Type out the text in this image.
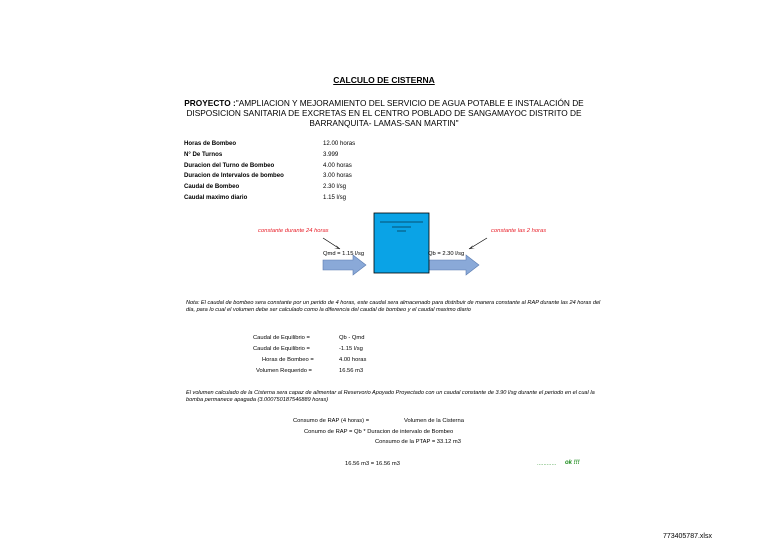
CALCULO DE CISTERNA
PROYECTO :"AMPLIACION Y MEJORAMIENTO DEL SERVICIO DE AGUA POTABLE E INSTALACIÓN DE DISPOSICION SANITARIA DE EXCRETAS EN EL CENTRO POBLADO DE SANGAMAYOC DISTRITO DE BARRANQUITA- LAMAS-SAN MARTIN"
Horas de Bombeo	12.00 horas
N° De Turnos	3.999
Duracion del Turno de Bombeo	4.00 horas
Duracion de Intervalos de bombeo	3.00 horas
Caudal de Bombeo	2.30 l/sg
Caudal maximo diario	1.15 l/sg
constante durante 24 horas	constante las 2 horas
Qmd = 1.15 l/sg	Qb = 2.30 l/sg
Nota: El caudal de bombeo sera constante por un perido de 4 horas, este caudal sera almacenado para distribuir de manera constante al RAP durante las 24 horas del dia, para lo cual el volumen debe ser calculado como la diferencia del caudal de bombeo y el caudal maximo diario
Caudal de Equilibrio =	Qb - Qmd
Caudal de Equilibrio =	-1.15 l/sg
Horas de Bombeo =	4.00 horas
Volumen Requerido =	16.56 m3
El volumen calculado de la Cisterna sera capaz de alimentar al Reservorio Apoyado Proyectado con un caudal constante de 3.90 l/sg durante el periodo en el cual la bomba permanece apagada (3.000750187546889 horas)
Consumo de RAP (4 horas) =	Volumen de la Cisterna
Conumo de RAP = Qb * Duracion de intervalo de Bombeo
Consumo de la PTAP = 33.12 m3
16.56 m3 = 16.56 m3	............ ok !!!
773405787.xlsx
